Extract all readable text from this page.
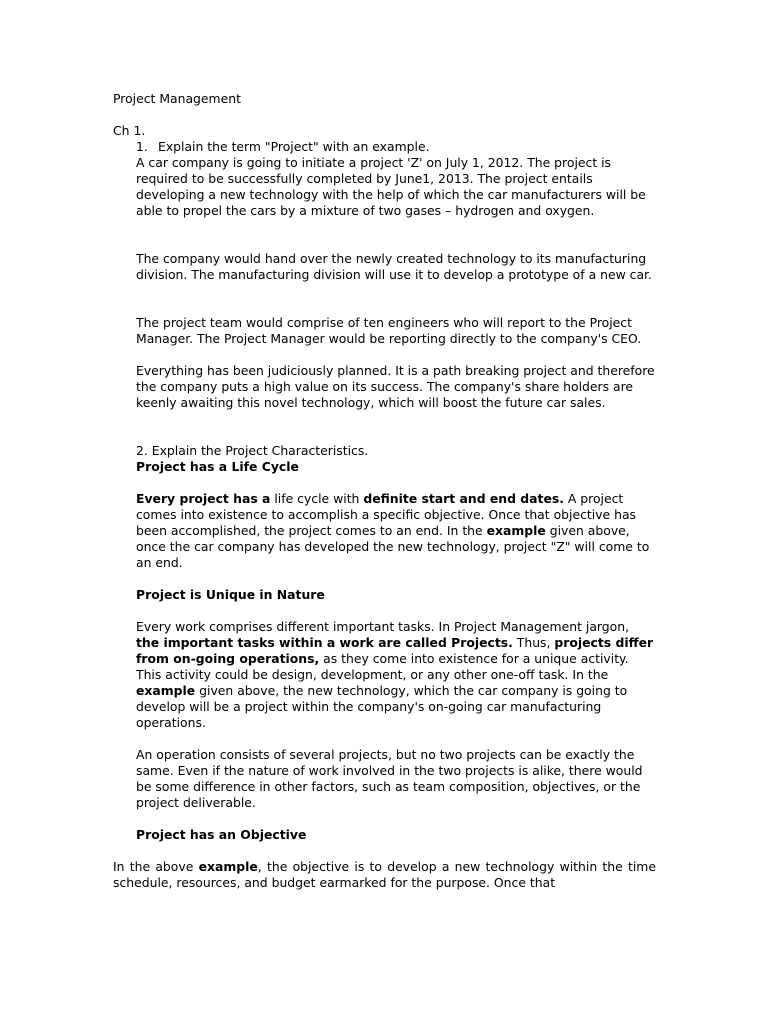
Project Management
Ch 1.
1. Explain the term "Project" with an example.

A car company is going to initiate a project 'Z' on July 1, 2012. The project is required to be successfully completed by June1, 2013. The project entails developing a new technology with the help of which the car manufacturers will be able to propel the cars by a mixture of two gases – hydrogen and oxygen.

The company would hand over the newly created technology to its manufacturing division. The manufacturing division will use it to develop a prototype of a new car.

The project team would comprise of ten engineers who will report to the Project Manager. The Project Manager would be reporting directly to the company's CEO.

Everything has been judiciously planned. It is a path breaking project and therefore the company puts a high value on its success. The company's share holders are keenly awaiting this novel technology, which will boost the future car sales.

2. Explain the Project Characteristics.

Project has a Life Cycle

Every project has a life cycle with definite start and end dates. A project comes into existence to accomplish a specific objective. Once that objective has been accomplished, the project comes to an end. In the example given above, once the car company has developed the new technology, project "Z" will come to an end.

Project is Unique in Nature

Every work comprises different important tasks. In Project Management jargon, the important tasks within a work are called Projects. Thus, projects differ from on-going operations, as they come into existence for a unique activity. This activity could be design, development, or any other one-off task. In the example given above, the new technology, which the car company is going to develop will be a project within the company's on-going car manufacturing operations.

An operation consists of several projects, but no two projects can be exactly the same. Even if the nature of work involved in the two projects is alike, there would be some difference in other factors, such as team composition, objectives, or the project deliverable.

Project has an Objective

In the above example, the objective is to develop a new technology within the time schedule, resources, and budget earmarked for the purpose. Once that
